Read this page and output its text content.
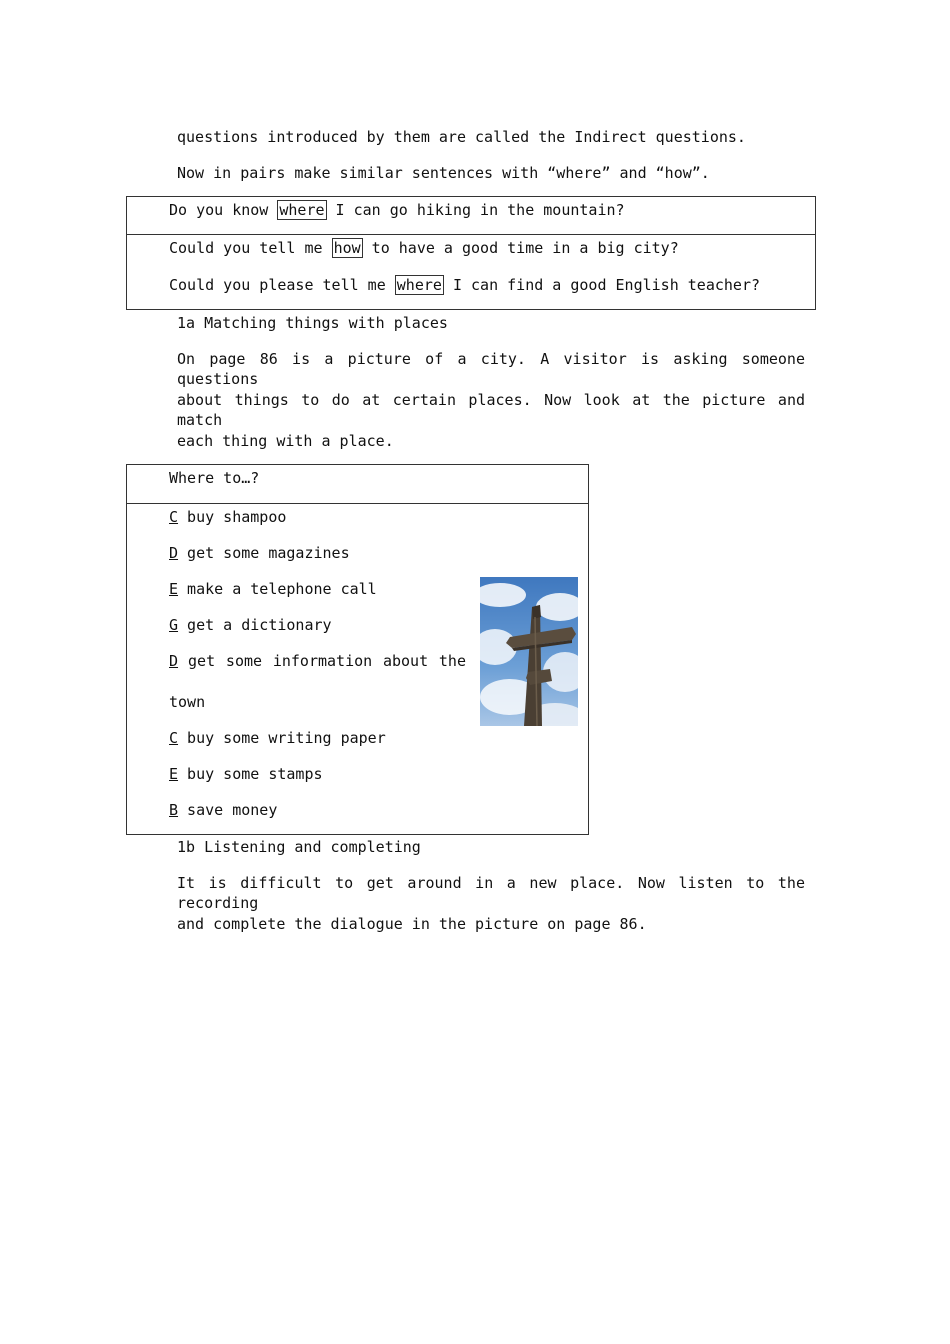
questions introduced by them are called the Indirect questions.
Now in pairs make similar sentences with “where” and “how”.
Do you know where I can go hiking in the mountain?
Could you tell me how to have a good time in a big city?
Could you please tell me where I can find a good English teacher?
1a Matching things with places
On page 86 is a picture of a city. A visitor is asking someone questions
about things to do at certain places. Now look at the picture and match
each thing with a place.
Where to…?
C buy shampoo
D get some magazines
E make a telephone call
G get a dictionary
D get some information about the
town
C buy some writing paper
E buy some stamps
B save money
1b Listening and completing
It is difficult to get around in a new place. Now listen to the recording
and complete the dialogue in the picture on page 86.
